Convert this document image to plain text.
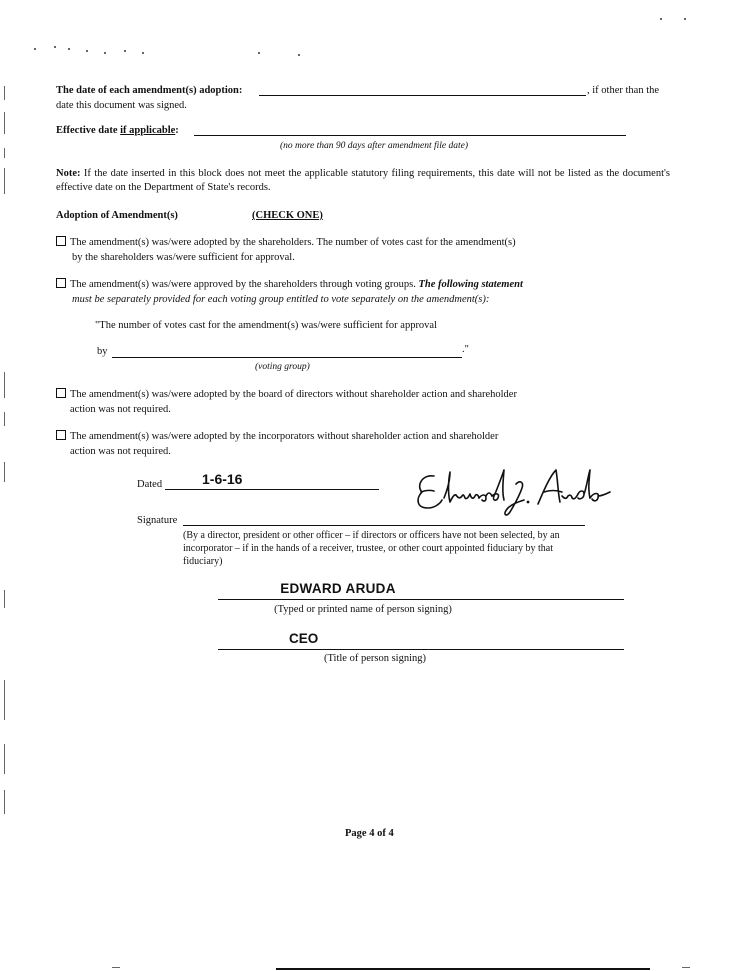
The date of each amendment(s) adoption:	, if other than the
date this document was signed.
Effective date if applicable:
(no more than 90 days after amendment file date)
Note: If the date inserted in this block does not meet the applicable statutory filing requirements, this date will not be listed as the document's effective date on the Department of State's records.
Adoption of Amendment(s)	(CHECK ONE)
The amendment(s) was/were adopted by the shareholders. The number of votes cast for the amendment(s)
by the shareholders was/were sufficient for approval.
The amendment(s) was/were approved by the shareholders through voting groups. The following statement
must be separately provided for each voting group entitled to vote separately on the amendment(s):
"The number of votes cast for the amendment(s) was/were sufficient for approval
by	."
(voting group)
The amendment(s) was/were adopted by the board of directors without shareholder action and shareholder
action was not required.
The amendment(s) was/were adopted by the incorporators without shareholder action and shareholder
action was not required.
Dated	1-6-16
Signature
(By a director, president or other officer – if directors or officers have not been selected, by an incorporator – if in the hands of a receiver, trustee, or other court appointed fiduciary by that fiduciary)
EDWARD ARUDA
(Typed or printed name of person signing)
CEO
(Title of person signing)
Page 4 of 4
